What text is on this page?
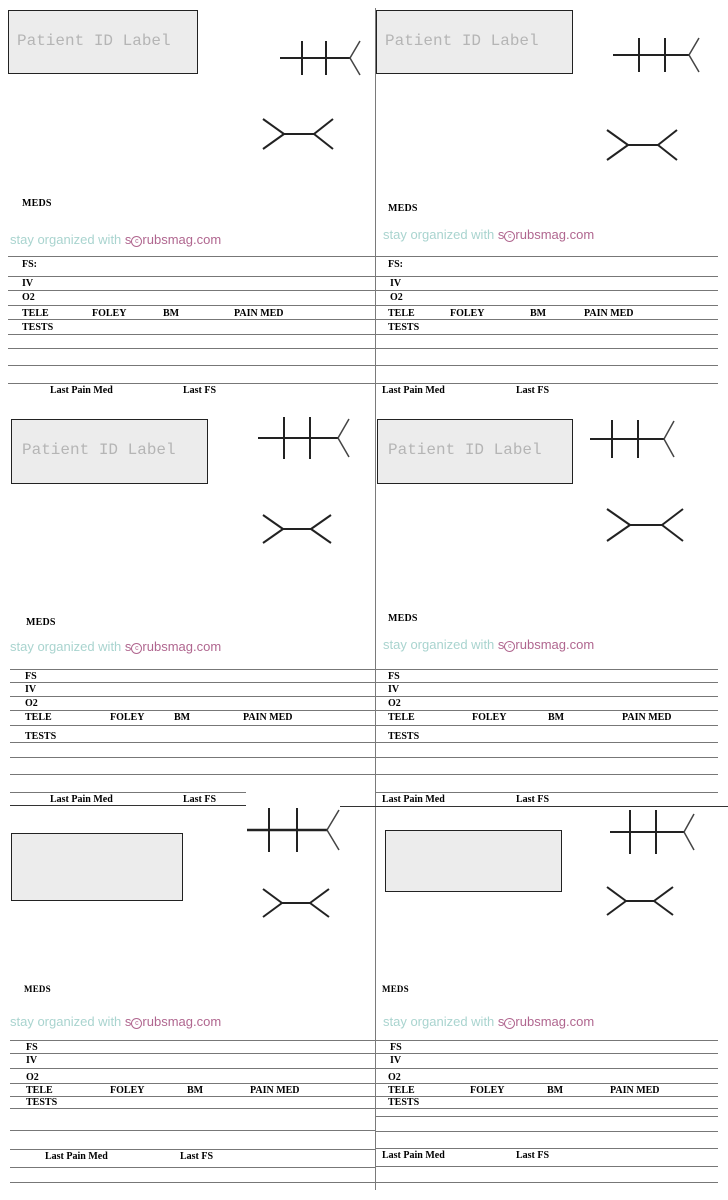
Patient ID Label
MEDS
stay organized with s c rubsmag.com
FS:
IV
O2
TELE	FOLEY	BM	PAIN MED
TESTS
Last Pain Med	Last FS
Patient ID Label
MEDS
stay organized with s c rubsmag.com
FS:
IV
O2
TELE	FOLEY	BM	PAIN MED
TESTS
Last Pain Med	Last FS
Patient ID Label
MEDS
stay organized with s c rubsmag.com
FS
IV
O2
TELE	FOLEY	BM	PAIN MED
TESTS
Last Pain Med	Last FS
Patient ID Label
MEDS
stay organized with s c rubsmag.com
FS
IV
O2
TELE	FOLEY	BM	PAIN MED
TESTS
Last Pain Med	Last FS
MEDS
stay organized with s c rubsmag.com
FS
IV
O2
TELE	FOLEY	BM	PAIN MED
TESTS
Last Pain Med	Last FS
MEDS
stay organized with s c rubsmag.com
FS
IV
O2
TELE	FOLEY	BM	PAIN MED
TESTS
Last Pain Med	Last FS
